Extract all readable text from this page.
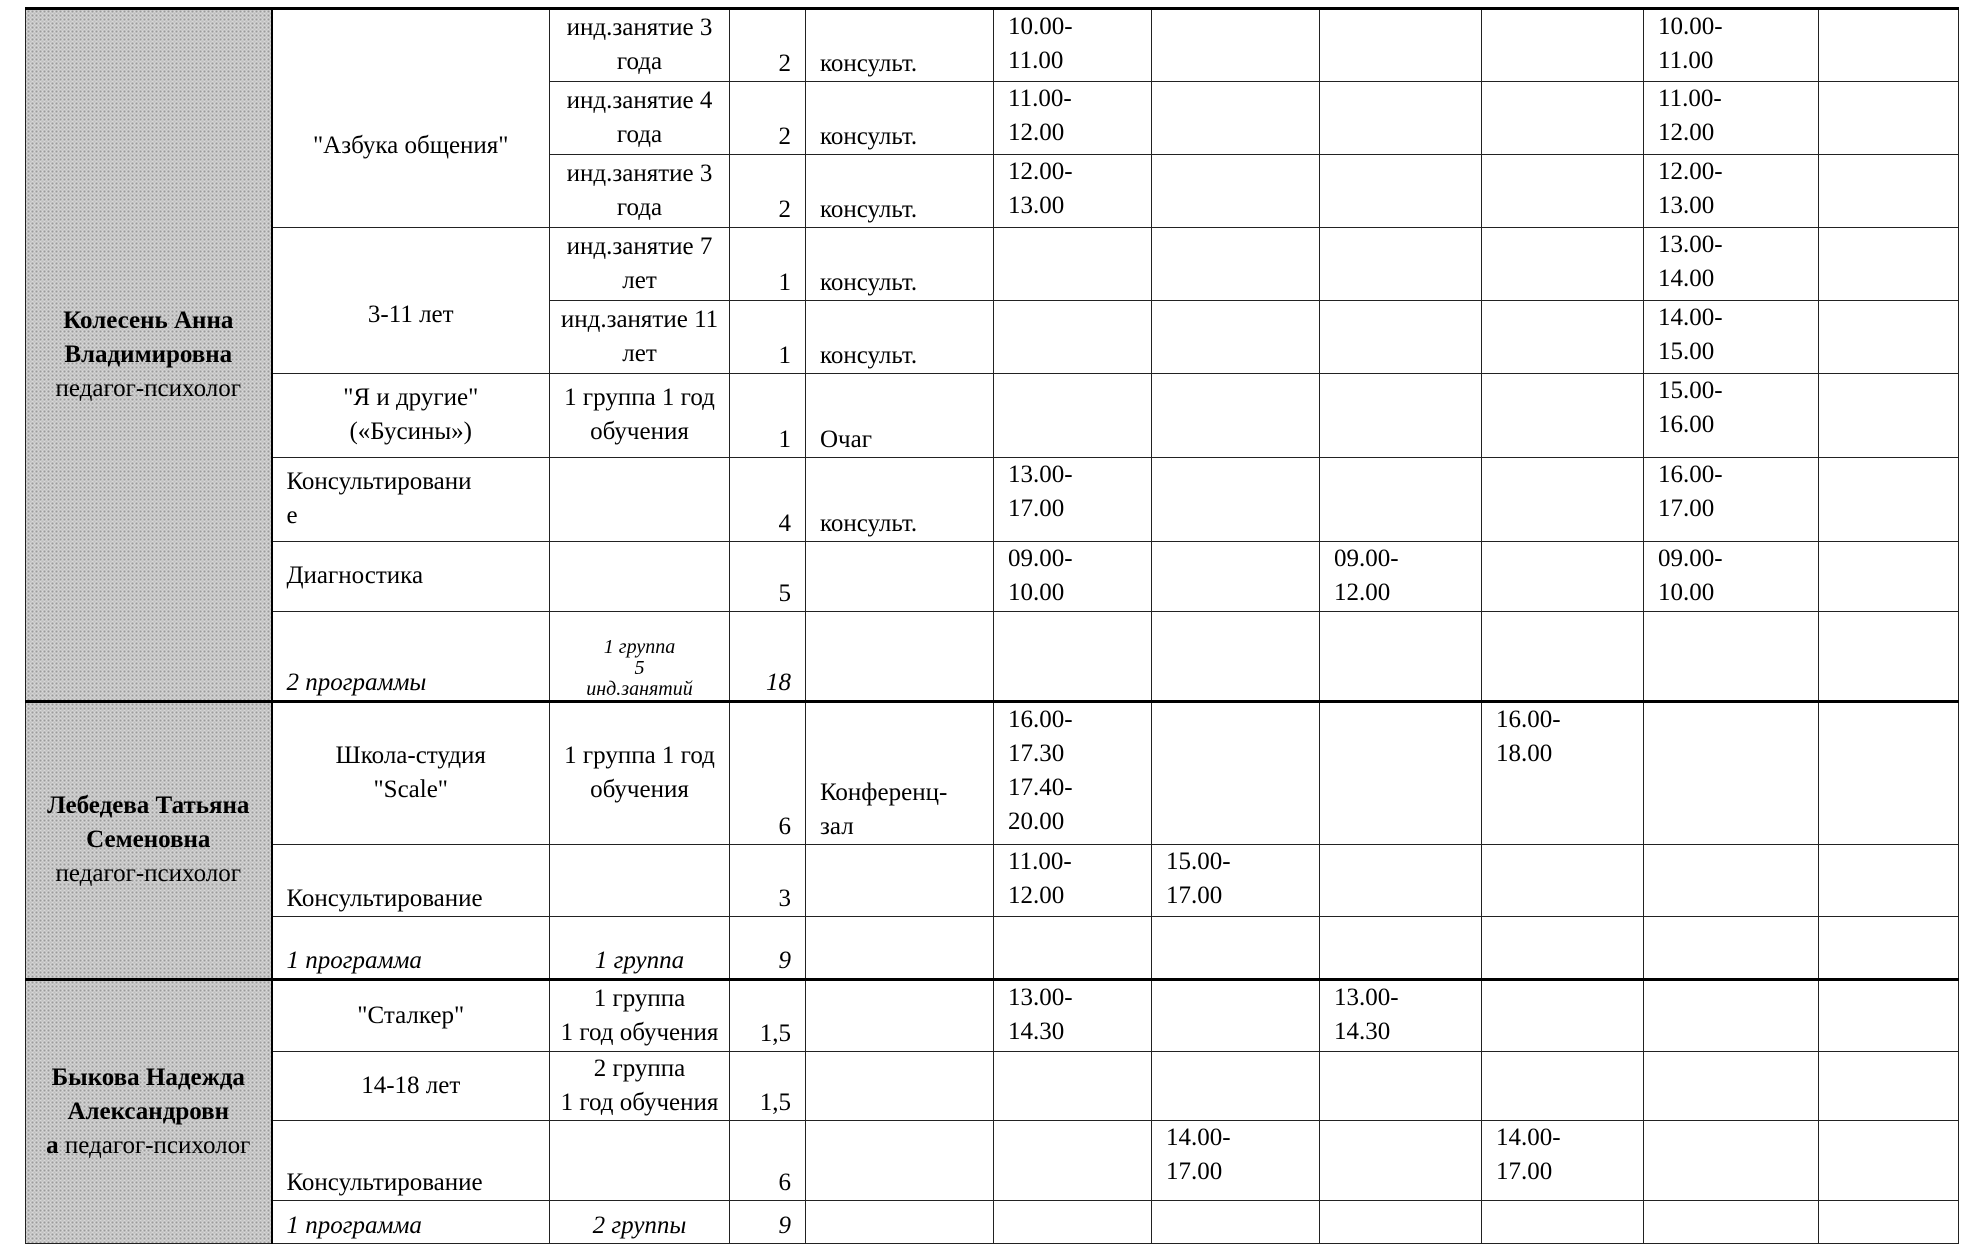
Колесень Анна Владимировна
педагог-психолог	"Азбука общения"	инд.занятие 3 года	2	консульт.	10.00-
11.00				10.00-
11.00	
		инд.занятие 4 года	2	консульт.	11.00-
12.00				11.00-
12.00	
		инд.занятие 3 года	2	консульт.	12.00-
13.00				12.00-
13.00	
	3-11 лет	инд.занятие 7 лет	1	консульт.					13.00-
14.00	
		инд.занятие 11 лет	1	консульт.					14.00-
15.00	
	"Я и другие"
(«Бусины»)	1 группа 1 год обучения	1	Очаг					15.00-
16.00	
	Консультировани
е		4	консульт.	13.00-
17.00				16.00-
17.00	
	Диагностика		5		09.00-
10.00		09.00-
12.00		09.00-
10.00	
	2 программы	1 группа
5
инд.занятий	18							

Лебедева Татьяна Семеновна
педагог-психолог	Школа-студия
"Scale"	1 группа 1 год обучения	6	Конференц-
зал	16.00-
17.30
17.40-
20.00			16.00-
18.00		
	Консультирование		3		11.00-
12.00	15.00-
17.00				
	1 программа	1 группа	9							

Быкова Надежда Александровн
а педагог-психолог	"Сталкер"	1 группа
1 год обучения	1,5		13.00-
14.30		13.00-
14.30			
	14-18 лет	2 группа
1 год обучения	1,5							
	Консультирование		6			14.00-
17.00		14.00-
17.00		
	1 программа	2 группы	9							
